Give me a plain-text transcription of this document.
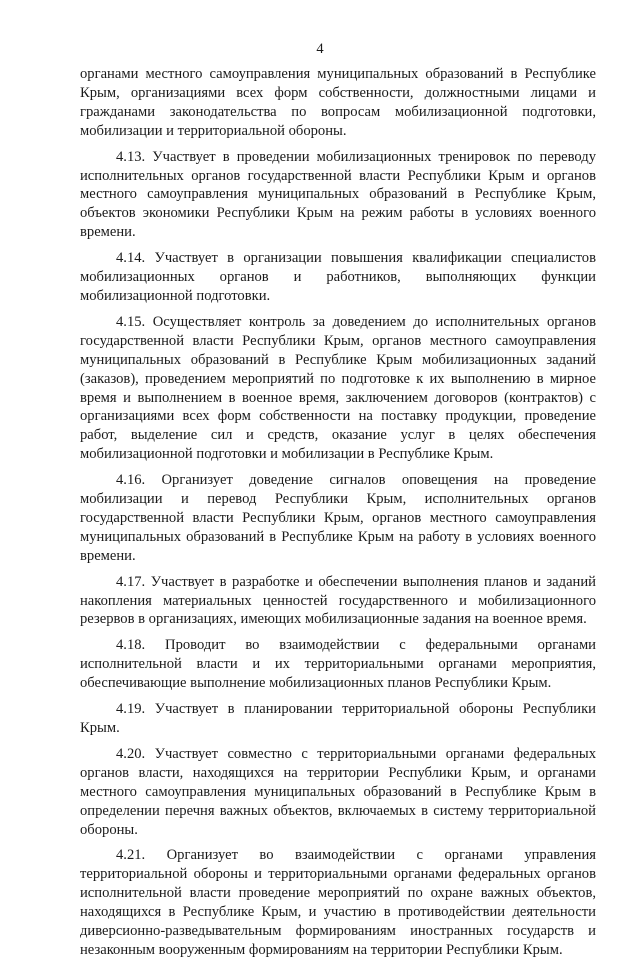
4

органами местного самоуправления муниципальных образований в Республике Крым, организациями всех форм собственности, должностными лицами и гражданами законодательства по вопросам мобилизационной подготовки, мобилизации и территориальной обороны.

4.13. Участвует в проведении мобилизационных тренировок по переводу исполнительных органов государственной власти Республики Крым и органов местного самоуправления муниципальных образований в Республике Крым, объектов экономики Республики Крым на режим работы в условиях военного времени.

4.14. Участвует в организации повышения квалификации специалистов мобилизационных органов и работников, выполняющих функции мобилизационной подготовки.

4.15. Осуществляет контроль за доведением до исполнительных органов государственной власти Республики Крым, органов местного самоуправления муниципальных образований в Республике Крым мобилизационных заданий (заказов), проведением мероприятий по подготовке к их выполнению в мирное время и выполнением в военное время, заключением договоров (контрактов) с организациями всех форм собственности на поставку продукции, проведение работ, выделение сил и средств, оказание услуг в целях обеспечения мобилизационной подготовки и мобилизации в Республике Крым.

4.16. Организует доведение сигналов оповещения на проведение мобилизации и перевод Республики Крым, исполнительных органов государственной власти Республики Крым, органов местного самоуправления муниципальных образований в Республике Крым на работу в условиях военного времени.

4.17. Участвует в разработке и обеспечении выполнения планов и заданий накопления материальных ценностей государственного и мобилизационного резервов в организациях, имеющих мобилизационные задания на военное время.

4.18. Проводит во взаимодействии с федеральными органами исполнительной власти и их территориальными органами мероприятия, обеспечивающие выполнение мобилизационных планов Республики Крым.

4.19. Участвует в планировании территориальной обороны Республики Крым.

4.20. Участвует совместно с территориальными органами федеральных органов власти, находящихся на территории Республики Крым, и органами местного самоуправления муниципальных образований в Республике Крым в определении перечня важных объектов, включаемых в систему территориальной обороны.

4.21. Организует во взаимодействии с органами управления территориальной обороны и территориальными органами федеральных органов исполнительной власти проведение мероприятий по охране важных объектов, находящихся в Республике Крым, и участию в противодействии деятельности диверсионно-разведывательным формированиям иностранных государств и незаконным вооруженным формированиям на территории Республики Крым.
